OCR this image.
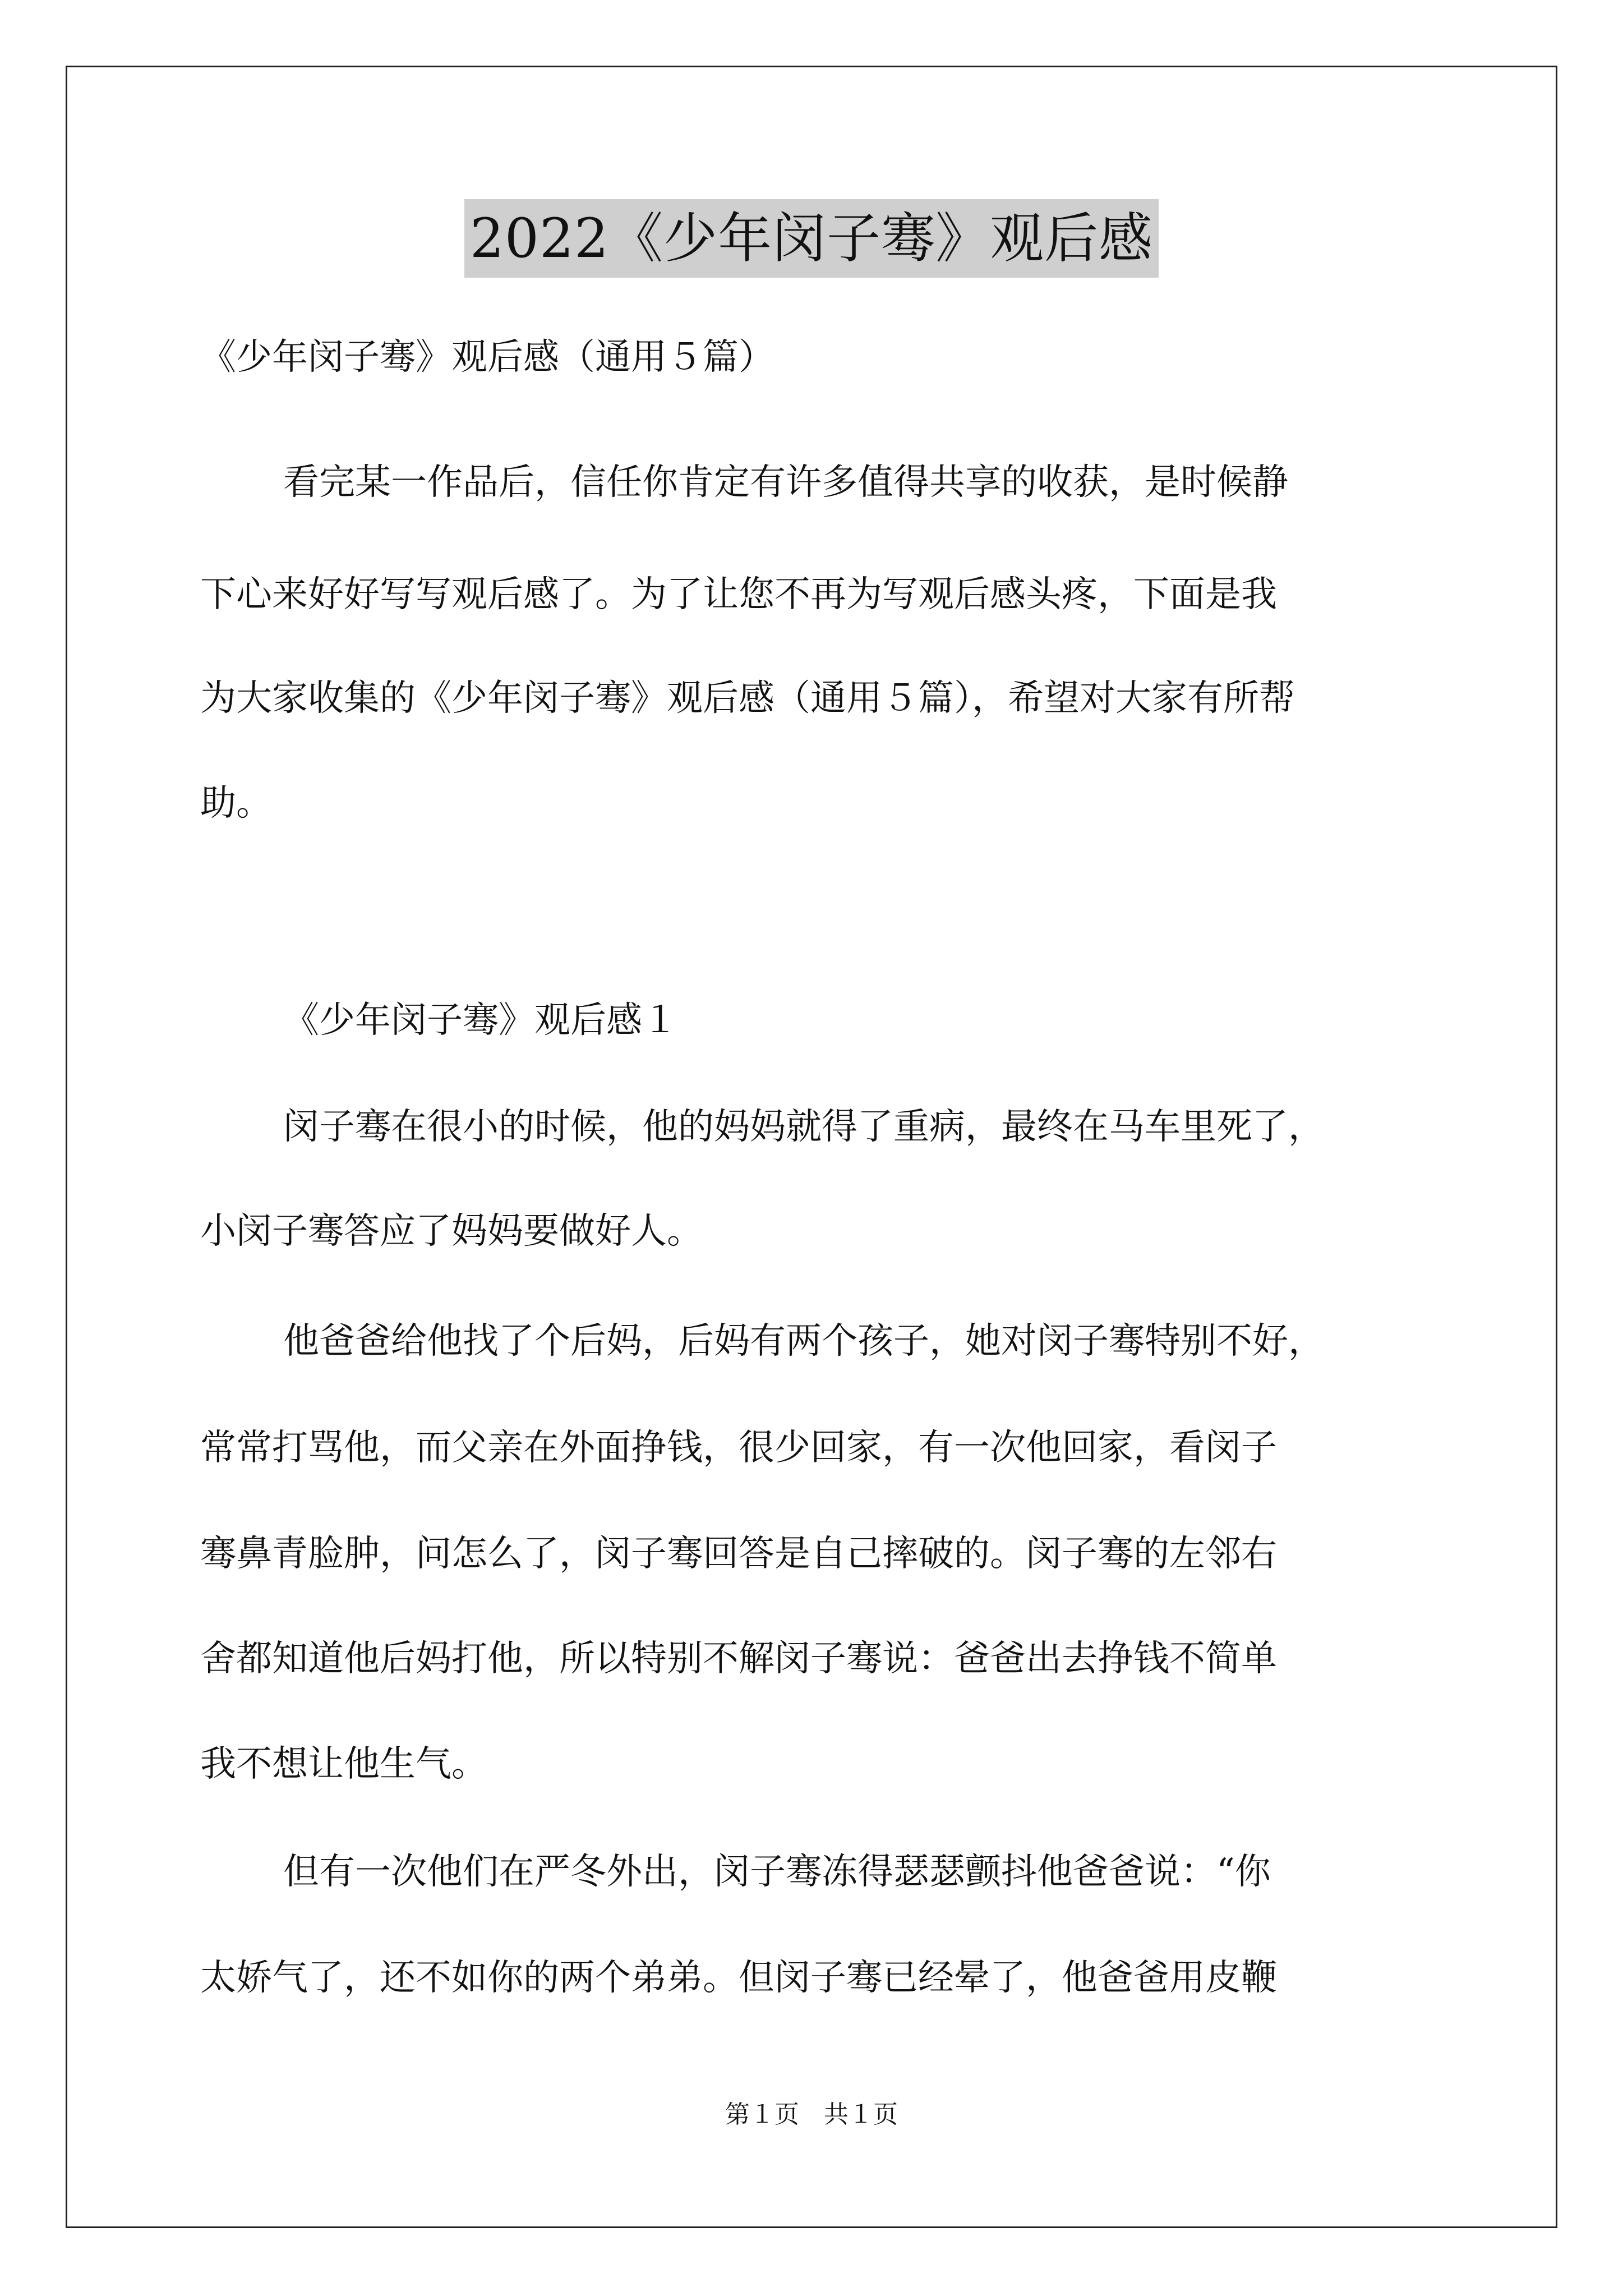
2022《少年闵子骞》观后感
《少年闵子骞》观后感（通用５篇）
看完某一作品后，信任你肯定有许多值得共享的收获，是时候静
下心来好好写写观后感了。为了让您不再为写观后感头疼，下面是我
为大家收集的《少年闵子骞》观后感（通用５篇），希望对大家有所帮
助。
《少年闵子骞》观后感１
闵子骞在很小的时候，他的妈妈就得了重病，最终在马车里死了，
小闵子骞答应了妈妈要做好人。
他爸爸给他找了个后妈，后妈有两个孩子，她对闵子骞特别不好，
常常打骂他，而父亲在外面挣钱，很少回家，有一次他回家，看闵子
骞鼻青脸肿，问怎么了，闵子骞回答是自己摔破的。闵子骞的左邻右
舍都知道他后妈打他，所以特别不解闵子骞说：爸爸出去挣钱不简单
我不想让他生气。
但有一次他们在严冬外出，闵子骞冻得瑟瑟颤抖他爸爸说：“你
太娇气了，还不如你的两个弟弟。但闵子骞已经晕了，他爸爸用皮鞭
第１页　共１页
